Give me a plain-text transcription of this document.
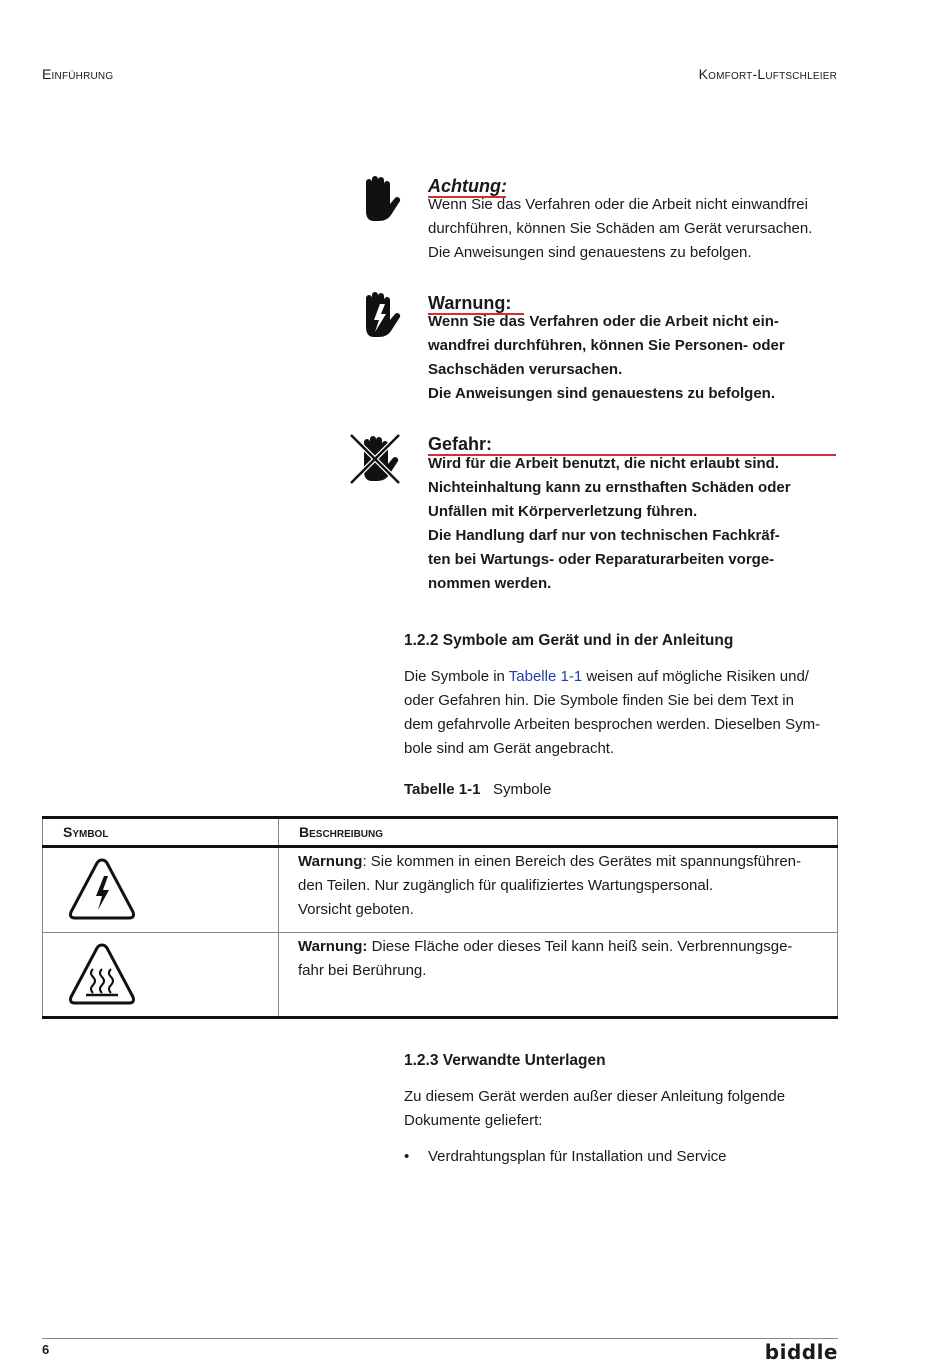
Einführung	Komfort-Luftschleier
Achtung:
Wenn Sie das Verfahren oder die Arbeit nicht einwandfrei
durchführen, können Sie Schäden am Gerät verursachen.
Die Anweisungen sind genauestens zu befolgen.
Warnung:
Wenn Sie das Verfahren oder die Arbeit nicht ein-
wandfrei durchführen, können Sie Personen- oder
Sachschäden verursachen.
Die Anweisungen sind genauestens zu befolgen.
Gefahr:
Wird für die Arbeit benutzt, die nicht erlaubt sind.
Nichteinhaltung kann zu ernsthaften Schäden oder
Unfällen mit Körperverletzung führen.
Die Handlung darf nur von technischen Fachkräf-
ten bei Wartungs- oder Reparaturarbeiten vorge-
nommen werden.
1.2.2 Symbole am Gerät und in der Anleitung
Die Symbole in Tabelle 1-1 weisen auf mögliche Risiken und/
oder Gefahren hin. Die Symbole finden Sie bei dem Text in
dem gefahrvolle Arbeiten besprochen werden. Dieselben Sym-
bole sind am Gerät angebracht.
Tabelle 1-1 Symbole
Symbol	Beschreibung

	Warnung: Sie kommen in einen Bereich des Gerätes mit spannungsführen-
den Teilen. Nur zugänglich für qualifiziertes Wartungspersonal.
Vorsicht geboten.

	Warnung: Diese Fläche oder dieses Teil kann heiß sein. Verbrennungsge-
fahr bei Berührung.
1.2.3 Verwandte Unterlagen
Zu diesem Gerät werden außer dieser Anleitung folgende
Dokumente geliefert:
• Verdrahtungsplan für Installation und Service
6	biddle
